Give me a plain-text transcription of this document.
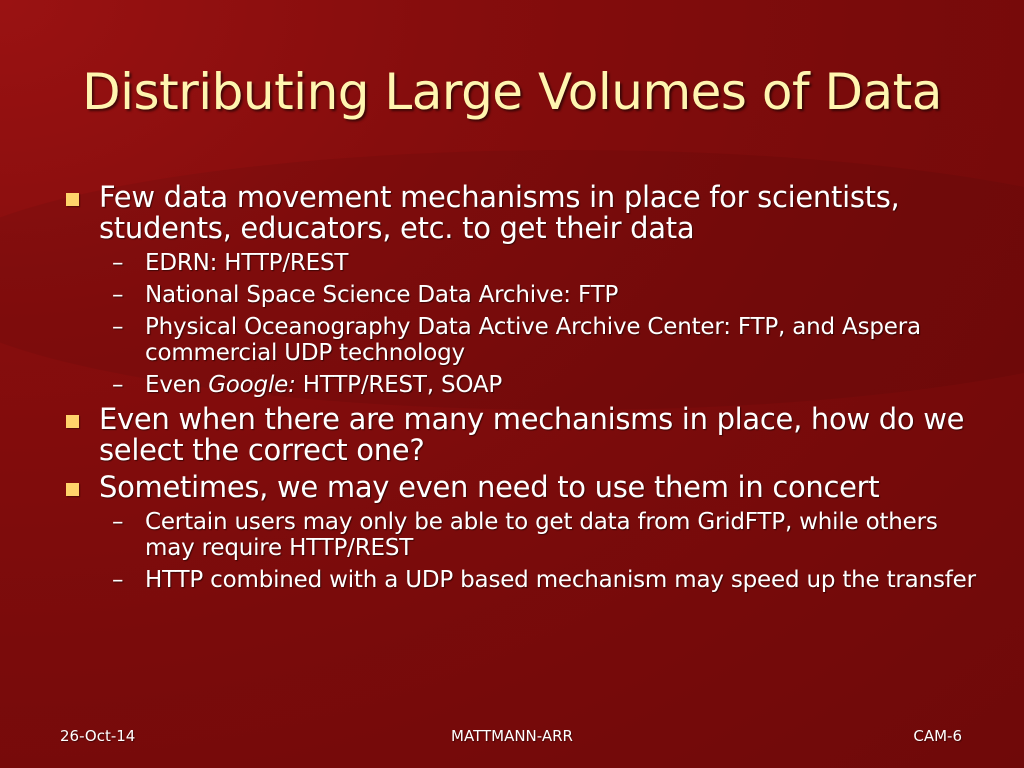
Distributing Large Volumes of Data
Few data movement mechanisms in place for scientists, students, educators, etc. to get their data
– EDRN: HTTP/REST
– National Space Science Data Archive: FTP
– Physical Oceanography Data Active Archive Center: FTP, and Aspera commercial UDP technology
– Even Google: HTTP/REST, SOAP
Even when there are many mechanisms in place, how do we select the correct one?
Sometimes, we may even need to use them in concert
– Certain users may only be able to get data from GridFTP, while others may require HTTP/REST
– HTTP combined with a UDP based mechanism may speed up the transfer
26-Oct-14	MATTMANN-ARR	CAM-6
